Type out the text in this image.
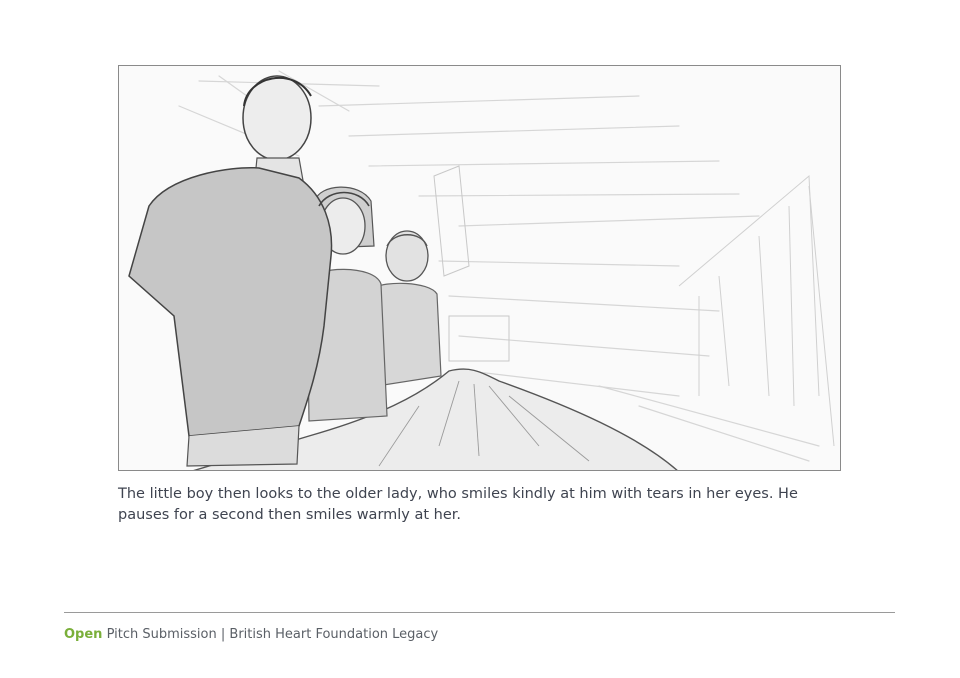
The little boy then looks to the older lady, who smiles kindly at him with tears in her eyes. He pauses for a second then smiles warmly at her.

Open Pitch Submission | British Heart Foundation Legacy
